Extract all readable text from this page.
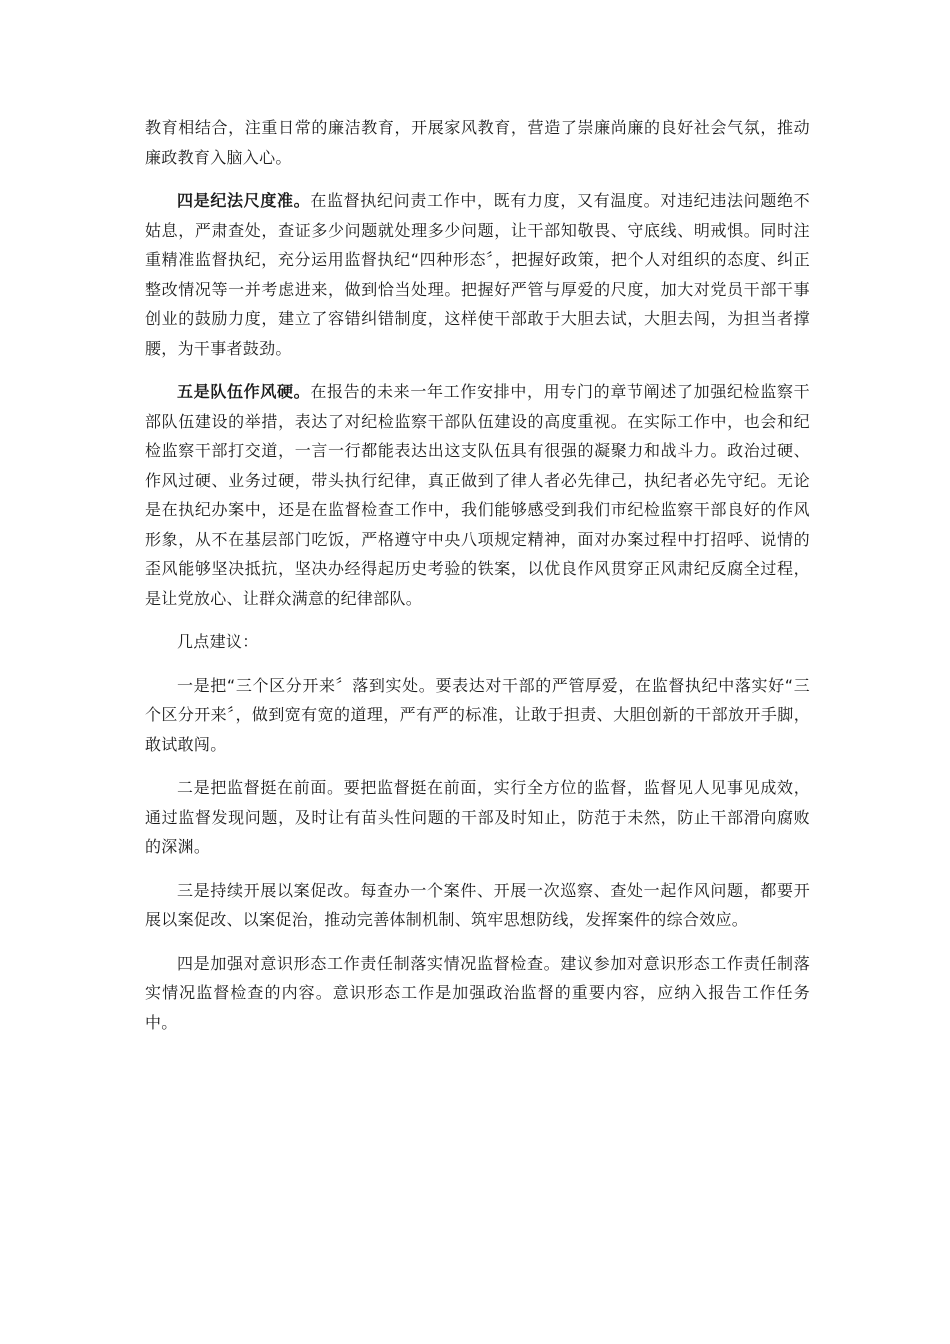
教育相结合，注重日常的廉洁教育，开展家风教育，营造了崇廉尚廉的良好社会气氛，推动廉政教育入脑入心。

四是纪法尺度准。在监督执纪问责工作中，既有力度，又有温度。对违纪违法问题绝不姑息，严肃查处，查证多少问题就处理多少问题，让干部知敬畏、守底线、明戒惧。同时注重精准监督执纪，充分运用监督执纪“四种形态〞，把握好政策，把个人对组织的态度、纠正整改情况等一并考虑进来，做到恰当处理。把握好严管与厚爱的尺度，加大对党员干部干事创业的鼓励力度，建立了容错纠错制度，这样使干部敢于大胆去试，大胆去闯，为担当者撑腰，为干事者鼓劲。

五是队伍作风硬。在报告的未来一年工作安排中，用专门的章节阐述了加强纪检监察干部队伍建设的举措，表达了对纪检监察干部队伍建设的高度重视。在实际工作中，也会和纪检监察干部打交道，一言一行都能表达出这支队伍具有很强的凝聚力和战斗力。政治过硬、作风过硬、业务过硬，带头执行纪律，真正做到了律人者必先律己，执纪者必先守纪。无论是在执纪办案中，还是在监督检查工作中，我们能够感受到我们市纪检监察干部良好的作风形象，从不在基层部门吃饭，严格遵守中央八项规定精神，面对办案过程中打招呼、说情的歪风能够坚决抵抗，坚决办经得起历史考验的铁案，以优良作风贯穿正风肃纪反腐全过程，是让党放心、让群众满意的纪律部队。

几点建议：

一是把“三个区分开来〞落到实处。要表达对干部的严管厚爱，在监督执纪中落实好“三个区分开来〞，做到宽有宽的道理，严有严的标准，让敢于担责、大胆创新的干部放开手脚，敢试敢闯。

二是把监督挺在前面。要把监督挺在前面，实行全方位的监督，监督见人见事见成效，通过监督发现问题，及时让有苗头性问题的干部及时知止，防范于未然，防止干部滑向腐败的深渊。

三是持续开展以案促改。每查办一个案件、开展一次巡察、查处一起作风问题，都要开展以案促改、以案促治，推动完善体制机制、筑牢思想防线，发挥案件的综合效应。

四是加强对意识形态工作责任制落实情况监督检查。建议参加对意识形态工作责任制落实情况监督检查的内容。意识形态工作是加强政治监督的重要内容，应纳入报告工作任务中。
